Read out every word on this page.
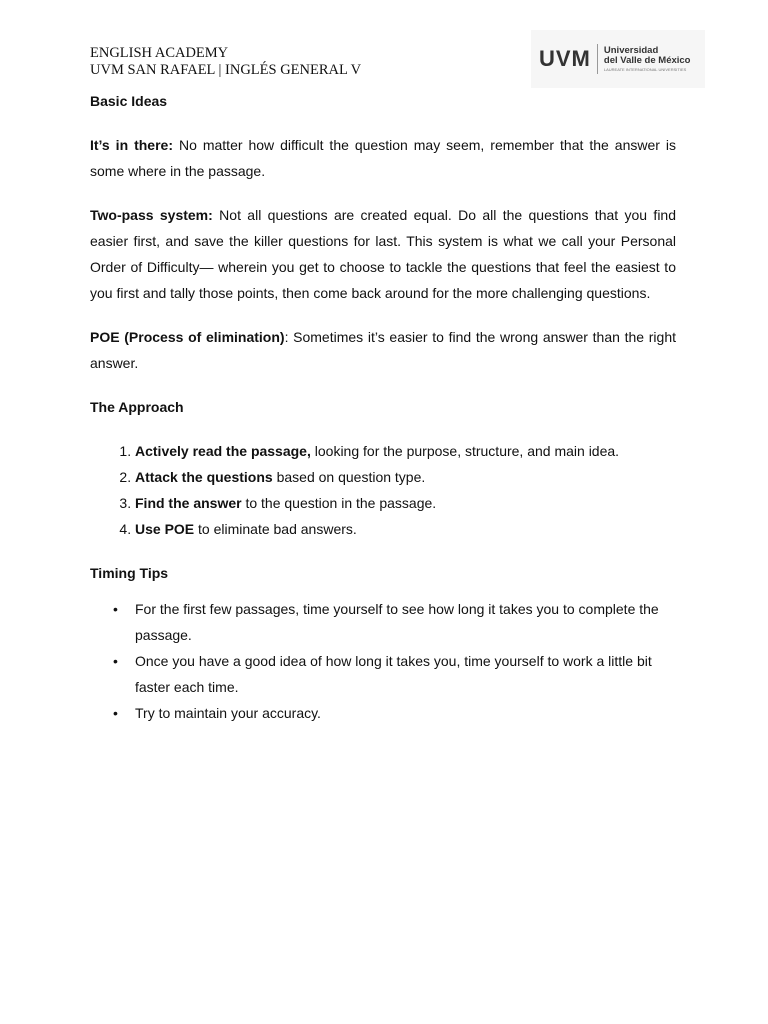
ENGLISH ACADEMY
UVM SAN RAFAEL | INGLÉS GENERAL V	UVM Universidad
del Valle de México
LAUREATE INTERNATIONAL UNIVERSITIES
Basic Ideas

It’s in there: No matter how difficult the question may seem, remember that the answer is some where in the passage.

Two-pass system: Not all questions are created equal. Do all the questions that you find easier first, and save the killer questions for last. This system is what we call your Personal Order of Difficulty— wherein you get to choose to tackle the questions that feel the easiest to you first and tally those points, then come back around for the more challenging questions.

POE (Process of elimination): Sometimes it’s easier to find the wrong answer than the right answer.

The Approach
1. Actively read the passage, looking for the purpose, structure, and main idea.
2. Attack the questions based on question type.
3. Find the answer to the question in the passage.
4. Use POE to eliminate bad answers.
Timing Tips
• For the first few passages, time yourself to see how long it takes you to complete the passage.
• Once you have a good idea of how long it takes you, time yourself to work a little bit faster each time.
• Try to maintain your accuracy.
